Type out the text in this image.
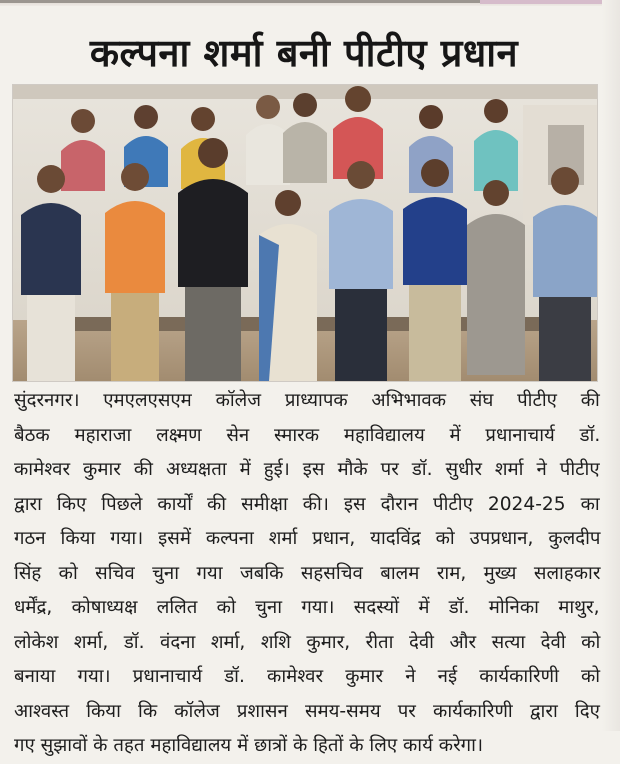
कल्पना शर्मा बनी पीटीए प्रधान
सुंदरनगर। एमएलएसएम कॉलेज प्राध्यापक अभिभावक संघ पीटीए की
बैठक महाराजा लक्ष्मण सेन स्मारक महाविद्यालय में प्रधानाचार्य डॉ.
कामेश्वर कुमार की अध्यक्षता में हुई। इस मौके पर डॉ. सुधीर शर्मा ने पीटीए
द्वारा किए पिछले कार्यों की समीक्षा की। इस दौरान पीटीए 2024-25 का
गठन किया गया। इसमें कल्पना शर्मा प्रधान, यादविंद्र को उपप्रधान, कुलदीप
सिंह को सचिव चुना गया जबकि सहसचिव बालम राम, मुख्य सलाहकार
धर्मेंद्र, कोषाध्यक्ष ललित को चुना गया। सदस्यों में डॉ. मोनिका माथुर,
लोकेश शर्मा, डॉ. वंदना शर्मा, शशि कुमार, रीता देवी और सत्या देवी को
बनाया गया। प्रधानाचार्य डॉ. कामेश्वर कुमार ने नई कार्यकारिणी को
आश्वस्त किया कि कॉलेज प्रशासन समय-समय पर कार्यकारिणी द्वारा दिए
गए सुझावों के तहत महाविद्यालय में छात्रों के हितों के लिए कार्य करेगा।
